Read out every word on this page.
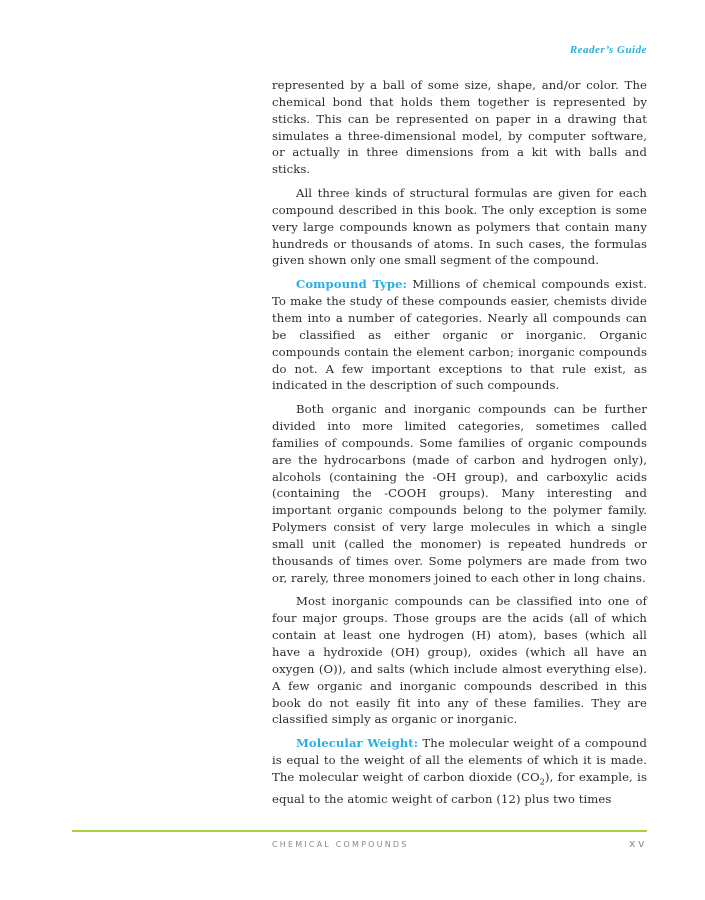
Reader’s Guide

represented by a ball of some size, shape, and/or color. The chemical bond that holds them together is represented by sticks. This can be represented on paper in a drawing that simulates a three-dimensional model, by computer software, or actually in three dimensions from a kit with balls and sticks.

All three kinds of structural formulas are given for each compound described in this book. The only exception is some very large compounds known as polymers that contain many hundreds or thousands of atoms. In such cases, the formulas given shown only one small segment of the compound.

Compound Type: Millions of chemical compounds exist. To make the study of these compounds easier, chemists divide them into a number of categories. Nearly all compounds can be classified as either organic or inorganic. Organic compounds contain the element carbon; inorganic compounds do not. A few important exceptions to that rule exist, as indicated in the description of such compounds.

Both organic and inorganic compounds can be further divided into more limited categories, sometimes called families of compounds. Some families of organic compounds are the hydrocarbons (made of carbon and hydrogen only), alcohols (containing the -OH group), and carboxylic acids (containing the -COOH groups). Many interesting and important organic compounds belong to the polymer family. Polymers consist of very large molecules in which a single small unit (called the monomer) is repeated hundreds or thousands of times over. Some polymers are made from two or, rarely, three monomers joined to each other in long chains.

Most inorganic compounds can be classified into one of four major groups. Those groups are the acids (all of which contain at least one hydrogen (H) atom), bases (which all have a hydroxide (OH) group), oxides (which all have an oxygen (O)), and salts (which include almost everything else). A few organic and inorganic compounds described in this book do not easily fit into any of these families. They are classified simply as organic or inorganic.

Molecular Weight: The molecular weight of a compound is equal to the weight of all the elements of which it is made. The molecular weight of carbon dioxide $(CO_2)$, for example, is equal to the atomic weight of carbon (12) plus two times

CHEMICAL COMPOUNDS	xv
